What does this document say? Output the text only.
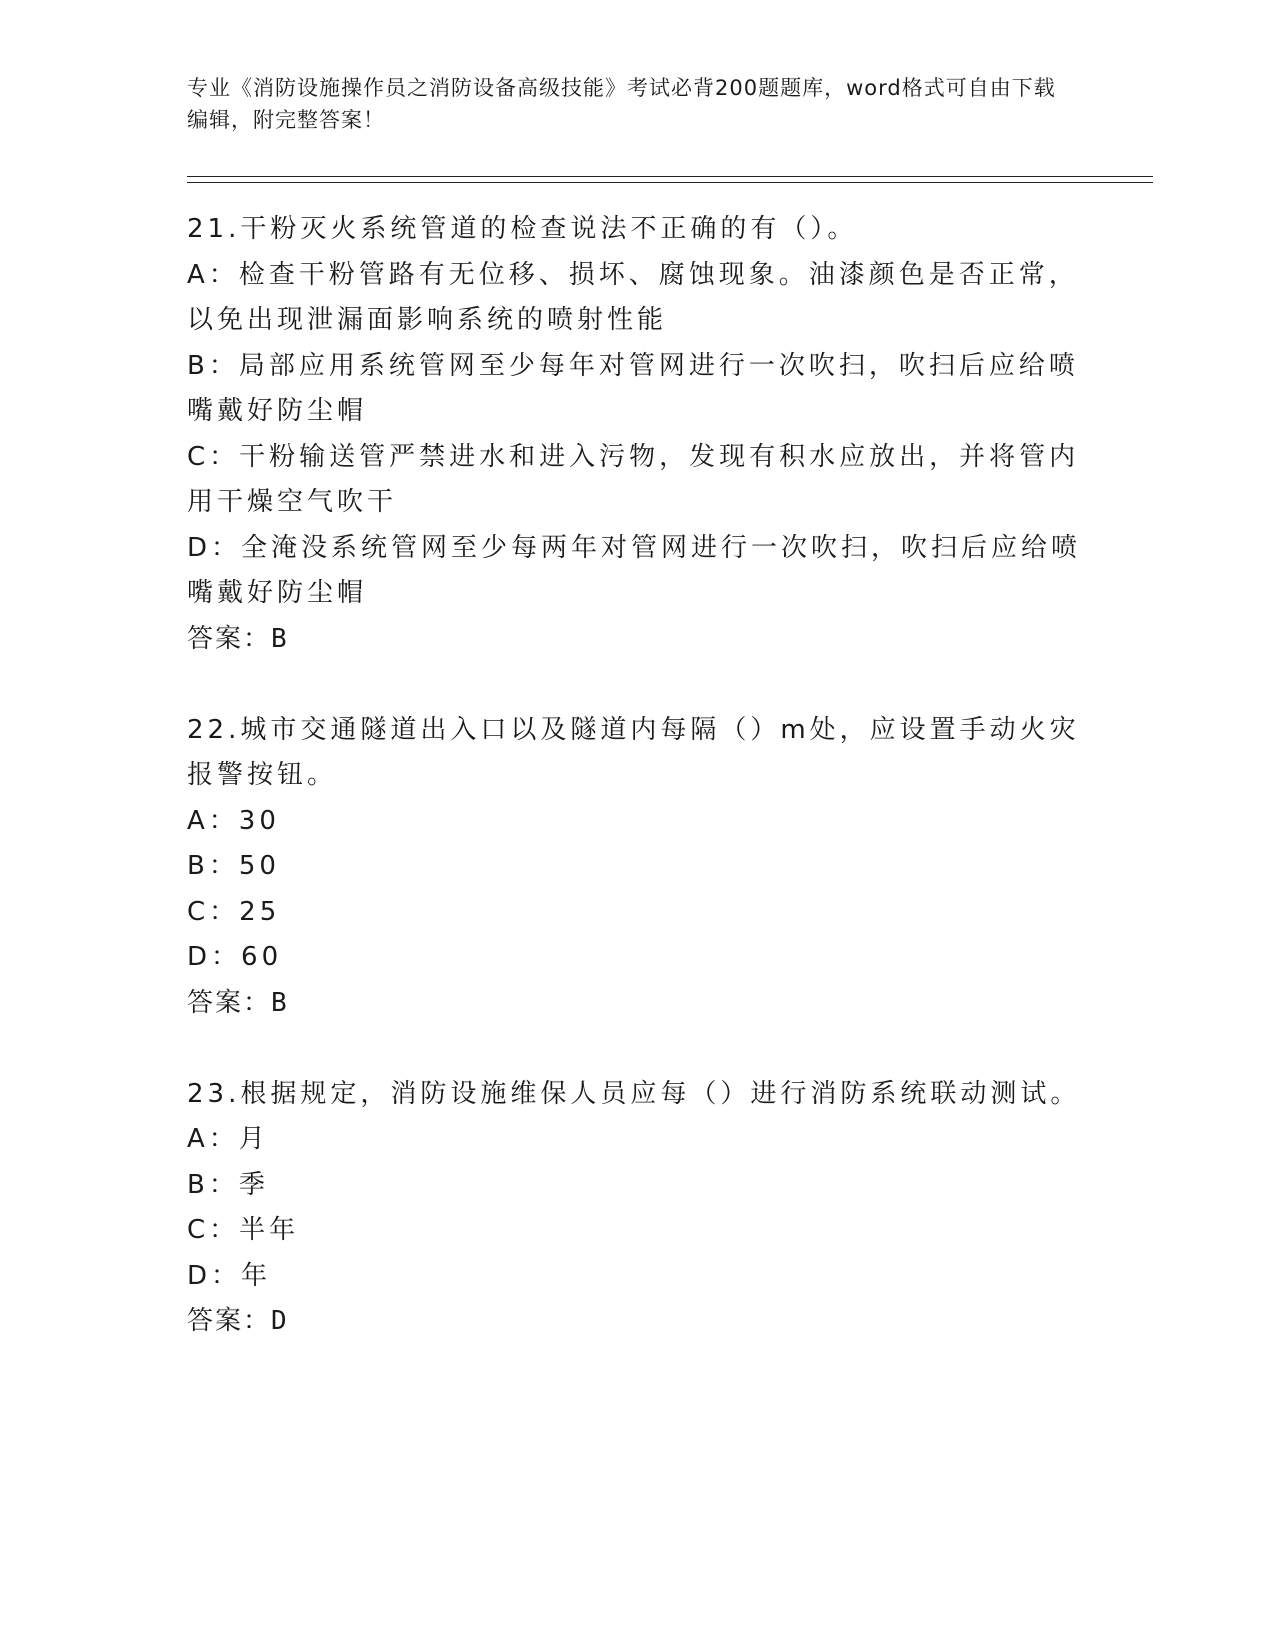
专业《消防设施操作员之消防设备高级技能》考试必背200题题库，word格式可自由下载编辑，附完整答案！
21.干粉灭火系统管道的检查说法不正确的有（）。
A：检查干粉管路有无位移、损坏、腐蚀现象。油漆颜色是否正常，以免出现泄漏面影响系统的喷射性能
B：局部应用系统管网至少每年对管网进行一次吹扫，吹扫后应给喷嘴戴好防尘帽
C：干粉输送管严禁进水和进入污物，发现有积水应放出，并将管内用干燥空气吹干
D：全淹没系统管网至少每两年对管网进行一次吹扫，吹扫后应给喷嘴戴好防尘帽
答案：B
22.城市交通隧道出入口以及隧道内每隔（）m处，应设置手动火灾报警按钮。
A：30
B：50
C：25
D：60
答案：B
23.根据规定，消防设施维保人员应每（）进行消防系统联动测试。
A：月
B：季
C：半年
D：年
答案：D
